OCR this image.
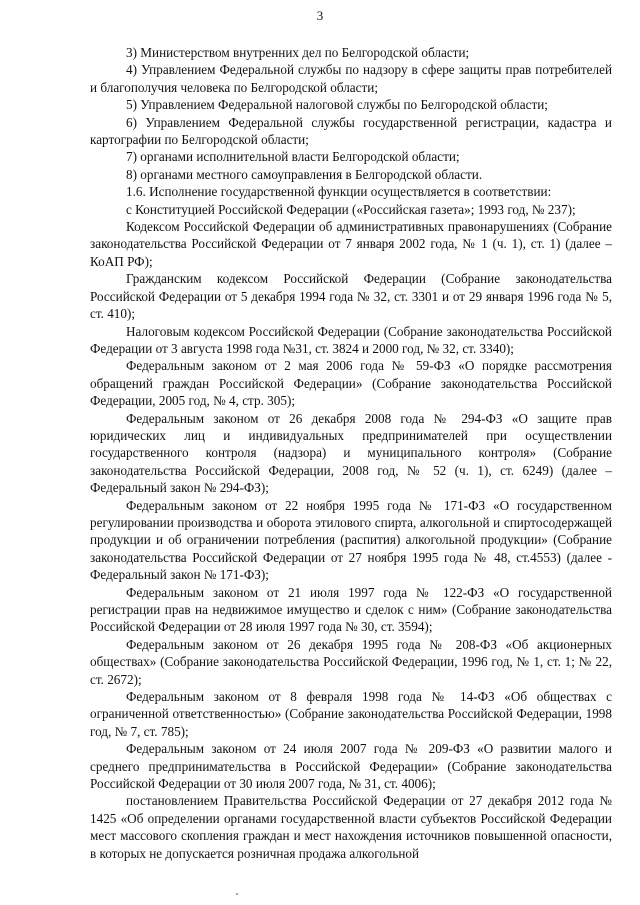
3

3) Министерством внутренних дел по Белгородской области;

4) Управлением Федеральной службы по надзору в сфере защиты прав потребителей и благополучия человека по Белгородской области;

5) Управлением Федеральной налоговой службы по Белгородской области;

6) Управлением Федеральной службы государственной регистрации, кадастра и картографии по Белгородской области;

7) органами исполнительной власти Белгородской области;

8) органами местного самоуправления в Белгородской области.

1.6. Исполнение государственной функции осуществляется в соответствии:

с Конституцией Российской Федерации («Российская газета»; 1993 год, № 237);

Кодексом Российской Федерации об административных правонарушениях (Собрание законодательства Российской Федерации от 7 января 2002 года, № 1 (ч. 1), ст. 1) (далее – КоАП РФ);

Гражданским кодексом Российской Федерации (Собрание законодательства Российской Федерации от 5 декабря 1994 года № 32, ст. 3301 и от 29 января 1996 года № 5, ст. 410);

Налоговым кодексом Российской Федерации (Собрание законодательства Российской Федерации от 3 августа 1998 года №31, ст. 3824 и 2000 год, № 32, ст. 3340);

Федеральным законом от 2 мая 2006 года № 59-ФЗ «О порядке рассмотрения обращений граждан Российской Федерации» (Собрание законодательства Российской Федерации, 2005 год, № 4, стр. 305);

Федеральным законом от 26 декабря 2008 года № 294-ФЗ «О защите прав юридических лиц и индивидуальных предпринимателей при осуществлении государственного контроля (надзора) и муниципального контроля» (Собрание законодательства Российской Федерации, 2008 год, № 52 (ч. 1), ст. 6249) (далее – Федеральный закон № 294-ФЗ);

Федеральным законом от 22 ноября 1995 года № 171-ФЗ «О государственном регулировании производства и оборота этилового спирта, алкогольной и спиртосодержащей продукции и об ограничении потребления (распития) алкогольной продукции» (Собрание законодательства Российской Федерации от 27 ноября 1995 года № 48, ст.4553) (далее - Федеральный закон № 171-ФЗ);

Федеральным законом от 21 июля 1997 года № 122-ФЗ «О государственной регистрации прав на недвижимое имущество и сделок с ним» (Собрание законодательства Российской Федерации от 28 июля 1997 года № 30, ст. 3594);

Федеральным законом от 26 декабря 1995 года № 208-ФЗ «Об акционерных обществах» (Собрание законодательства Российской Федерации, 1996 год, № 1, ст. 1; № 22, ст. 2672);

Федеральным законом от 8 февраля 1998 года № 14-ФЗ «Об обществах с ограниченной ответственностью» (Собрание законодательства Российской Федерации, 1998 год, № 7, ст. 785);

Федеральным законом от 24 июля 2007 года № 209-ФЗ «О развитии малого и среднего предпринимательства в Российской Федерации» (Собрание законодательства Российской Федерации от 30 июля 2007 года, № 31, ст. 4006);

постановлением Правительства Российской Федерации от 27 декабря 2012 года № 1425 «Об определении органами государственной власти субъектов Российской Федерации мест массового скопления граждан и мест нахождения источников повышенной опасности, в которых не допускается розничная продажа алкогольной
